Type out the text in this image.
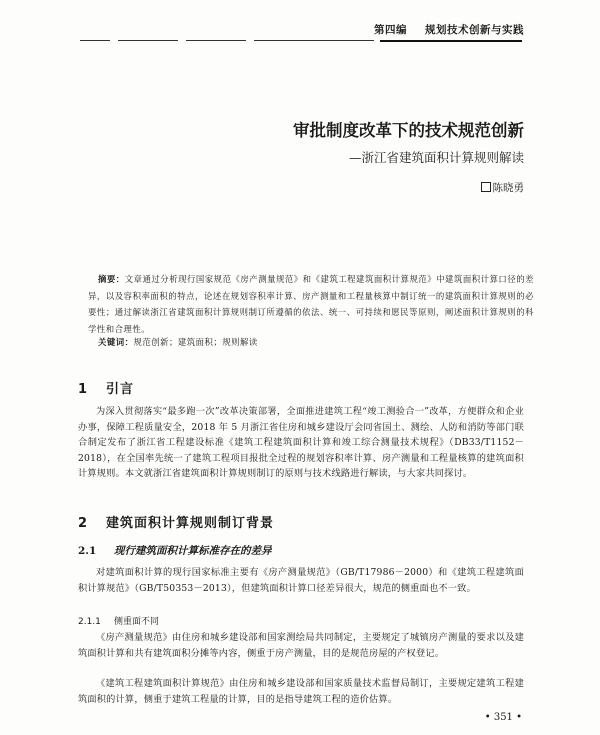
第四编 规划技术创新与实践
审批制度改革下的技术规范创新
—浙江省建筑面积计算规则解读
陈晓勇
摘要：文章通过分析现行国家规范《房产测量规范》和《建筑工程建筑面积计算规范》中建筑面积计算口径的差异，以及容积率面积的特点，论述在规划容积率计算、房产测量和工程量核算中制订统一的建筑面积计算规则的必要性；通过解读浙江省建筑面积计算规则制订所遵循的依法、统一、可持续和愿民等原则，阐述面积计算规则的科学性和合理性。
关键词：规范创新；建筑面积；规则解读
1 引言
为深入贯彻落实“最多跑一次”改革决策部署，全面推进建筑工程“竣工测验合一”改革，方便群众和企业办事，保障工程质量安全，2018 年 5 月浙江省住房和城乡建设厅会同省国土、测绘、人防和消防等部门联合制定发布了浙江省工程建设标准《建筑工程建筑面积计算和竣工综合测量技术规程》（DB33/T1152－2018），在全国率先统一了建筑工程项目报批全过程的规划容积率计算、房产测量和工程量核算的建筑面积计算规则。本文就浙江省建筑面积计算规则制订的原则与技术线路进行解读，与大家共同探讨。
2 建筑面积计算规则制订背景
2.1 现行建筑面积计算标准存在的差异
对建筑面积计算的现行国家标准主要有《房产测量规范》（GB/T17986－2000）和《建筑工程建筑面积计算规范》（GB/T50353－2013），但建筑面积计算口径差异很大，规范的侧重面也不一致。
2.1.1 侧重面不同
《房产测量规范》由住房和城乡建设部和国家测绘局共同制定，主要规定了城镇房产测量的要求以及建筑面积计算和共有建筑面积分摊等内容，侧重于房产测量，目的是规范房屋的产权登记。
《建筑工程建筑面积计算规范》由住房和城乡建设部和国家质量技术监督局制订，主要规定建筑工程建筑面积的计算，侧重于建筑工程量的计算，目的是指导建筑工程的造价估算。
• 351 •
